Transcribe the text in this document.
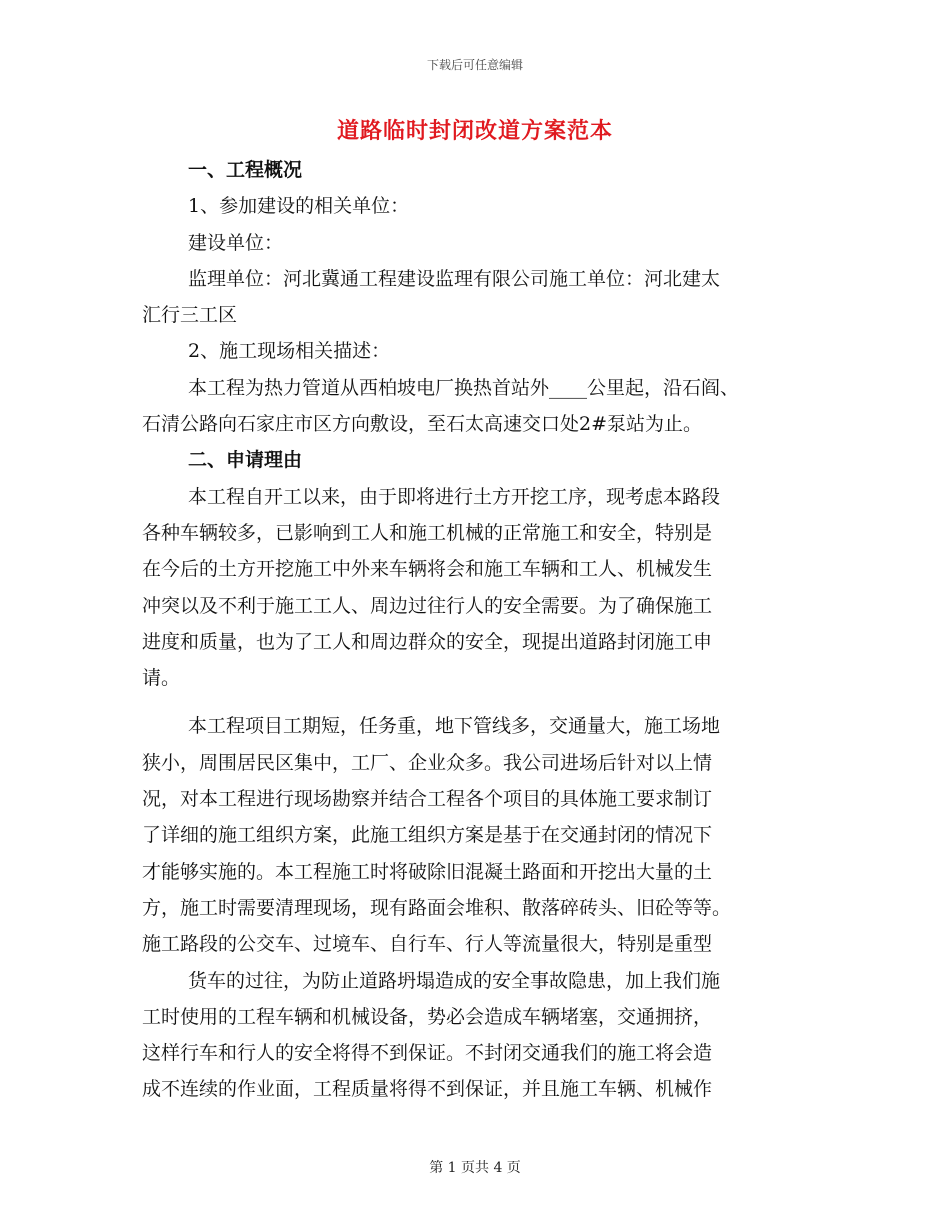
下载后可任意编辑
道路临时封闭改道方案范本
一、工程概况
1、参加建设的相关单位：
建设单位：
监理单位：河北冀通工程建设监理有限公司施工单位：河北建太
汇行三工区
2、施工现场相关描述：
本工程为热力管道从西柏坡电厂换热首站外____公里起，沿石阎、
石清公路向石家庄市区方向敷设，至石太高速交口处2#泵站为止。
二、申请理由
本工程自开工以来，由于即将进行土方开挖工序，现考虑本路段
各种车辆较多，已影响到工人和施工机械的正常施工和安全，特别是
在今后的土方开挖施工中外来车辆将会和施工车辆和工人、机械发生
冲突以及不利于施工工人、周边过往行人的安全需要。为了确保施工
进度和质量，也为了工人和周边群众的安全，现提出道路封闭施工申
请。
本工程项目工期短，任务重，地下管线多，交通量大，施工场地
狭小，周围居民区集中，工厂、企业众多。我公司进场后针对以上情
况，对本工程进行现场勘察并结合工程各个项目的具体施工要求制订
了详细的施工组织方案，此施工组织方案是基于在交通封闭的情况下
才能够实施的。本工程施工时将破除旧混凝土路面和开挖出大量的土
方，施工时需要清理现场，现有路面会堆积、散落碎砖头、旧砼等等。
施工路段的公交车、过境车、自行车、行人等流量很大，特别是重型
货车的过往，为防止道路坍塌造成的安全事故隐患，加上我们施
工时使用的工程车辆和机械设备，势必会造成车辆堵塞，交通拥挤，
这样行车和行人的安全将得不到保证。不封闭交通我们的施工将会造
成不连续的作业面，工程质量将得不到保证，并且施工车辆、机械作
第 1 页共 4 页
